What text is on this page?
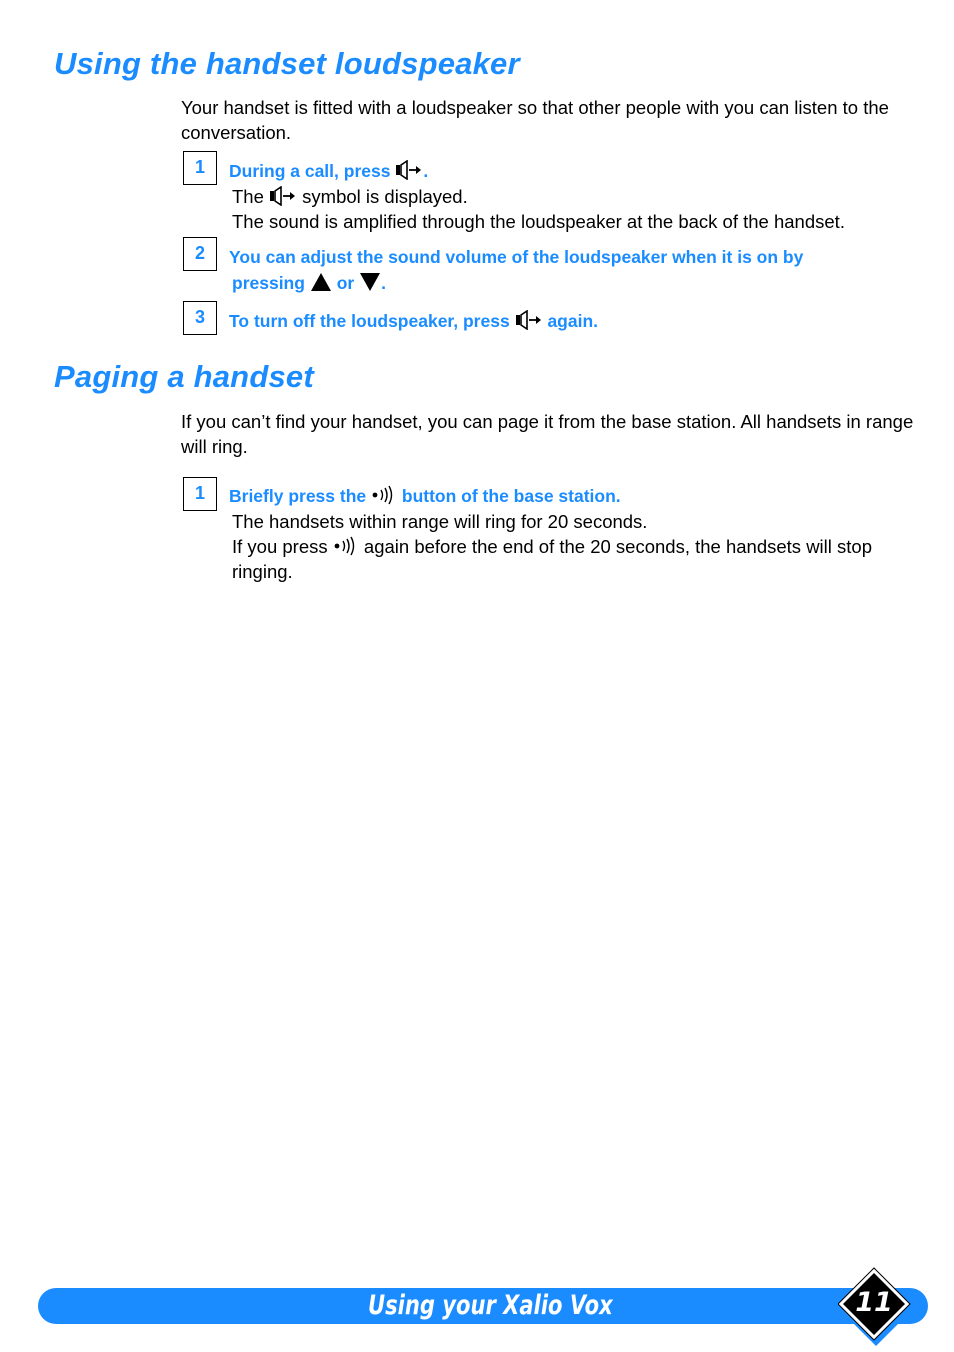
Using the handset loudspeaker

Your handset is fitted with a loudspeaker so that other people with you can listen to the conversation.

1	During a call, press .

The symbol is displayed.

The sound is amplified through the loudspeaker at the back of the handset.

2	You can adjust the sound volume of the loudspeaker when it is on by

pressing or .

3	To turn off the loudspeaker, press again.

Paging a handset

If you can’t find your handset, you can page it from the base station. All handsets in range will ring.

1	Briefly press the button of the base station.

The handsets within range will ring for 20 seconds.

If you press again before the end of the 20 seconds, the handsets will stop ringing.

Using your Xalio Vox	11
